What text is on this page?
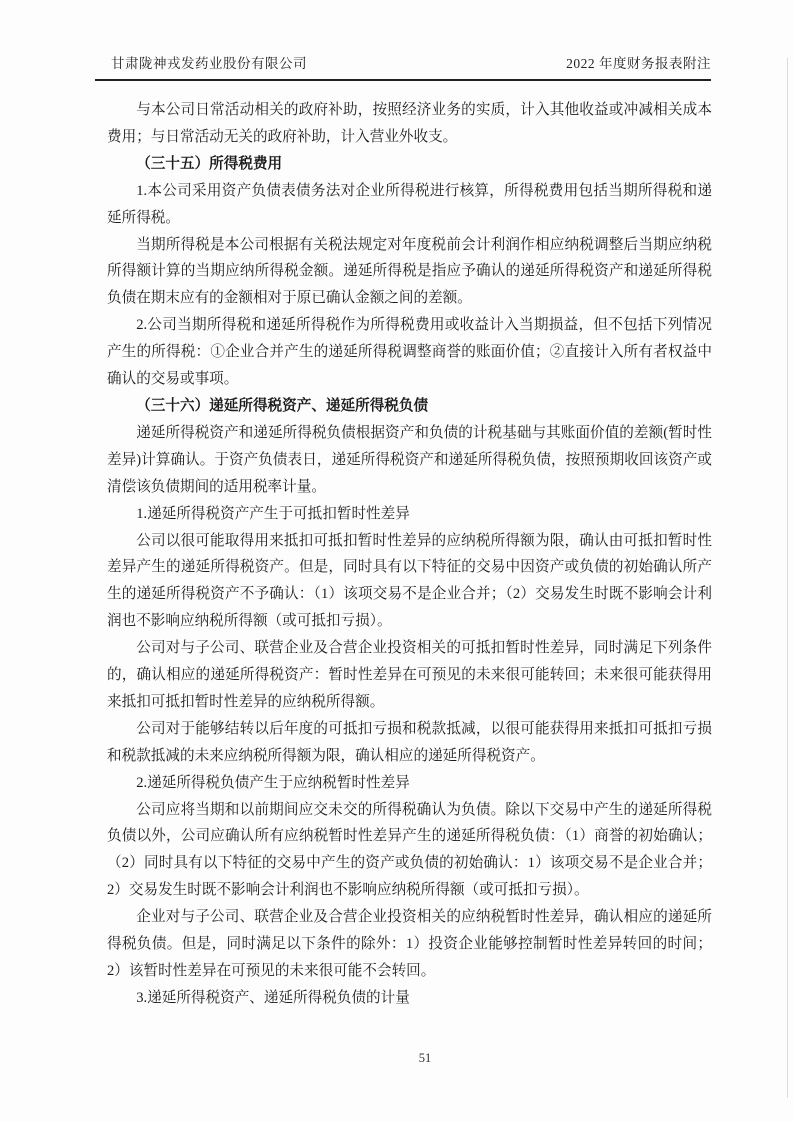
甘肃陇神戎发药业股份有限公司	2022 年度财务报表附注

与本公司日常活动相关的政府补助，按照经济业务的实质，计入其他收益或冲减相关成本费用；与日常活动无关的政府补助，计入营业外收支。

（三十五）所得税费用

1.本公司采用资产负债表债务法对企业所得税进行核算，所得税费用包括当期所得税和递延所得税。

当期所得税是本公司根据有关税法规定对年度税前会计利润作相应纳税调整后当期应纳税所得额计算的当期应纳所得税金额。递延所得税是指应予确认的递延所得税资产和递延所得税负债在期末应有的金额相对于原已确认金额之间的差额。

2.公司当期所得税和递延所得税作为所得税费用或收益计入当期损益，但不包括下列情况产生的所得税：①企业合并产生的递延所得税调整商誉的账面价值；②直接计入所有者权益中确认的交易或事项。

（三十六）递延所得税资产、递延所得税负债

递延所得税资产和递延所得税负债根据资产和负债的计税基础与其账面价值的差额(暂时性差异)计算确认。于资产负债表日，递延所得税资产和递延所得税负债，按照预期收回该资产或清偿该负债期间的适用税率计量。

1.递延所得税资产产生于可抵扣暂时性差异

公司以很可能取得用来抵扣可抵扣暂时性差异的应纳税所得额为限，确认由可抵扣暂时性差异产生的递延所得税资产。但是，同时具有以下特征的交易中因资产或负债的初始确认所产生的递延所得税资产不予确认：（1）该项交易不是企业合并；（2）交易发生时既不影响会计利润也不影响应纳税所得额（或可抵扣亏损）。

公司对与子公司、联营企业及合营企业投资相关的可抵扣暂时性差异，同时满足下列条件的，确认相应的递延所得税资产：暂时性差异在可预见的未来很可能转回；未来很可能获得用来抵扣可抵扣暂时性差异的应纳税所得额。

公司对于能够结转以后年度的可抵扣亏损和税款抵减，以很可能获得用来抵扣可抵扣亏损和税款抵减的未来应纳税所得额为限，确认相应的递延所得税资产。

2.递延所得税负债产生于应纳税暂时性差异

公司应将当期和以前期间应交未交的所得税确认为负债。除以下交易中产生的递延所得税负债以外，公司应确认所有应纳税暂时性差异产生的递延所得税负债：（1）商誉的初始确认；（2）同时具有以下特征的交易中产生的资产或负债的初始确认：1）该项交易不是企业合并；2）交易发生时既不影响会计利润也不影响应纳税所得额（或可抵扣亏损）。

企业对与子公司、联营企业及合营企业投资相关的应纳税暂时性差异，确认相应的递延所得税负债。但是，同时满足以下条件的除外：1）投资企业能够控制暂时性差异转回的时间；2）该暂时性差异在可预见的未来很可能不会转回。

3.递延所得税资产、递延所得税负债的计量

51
